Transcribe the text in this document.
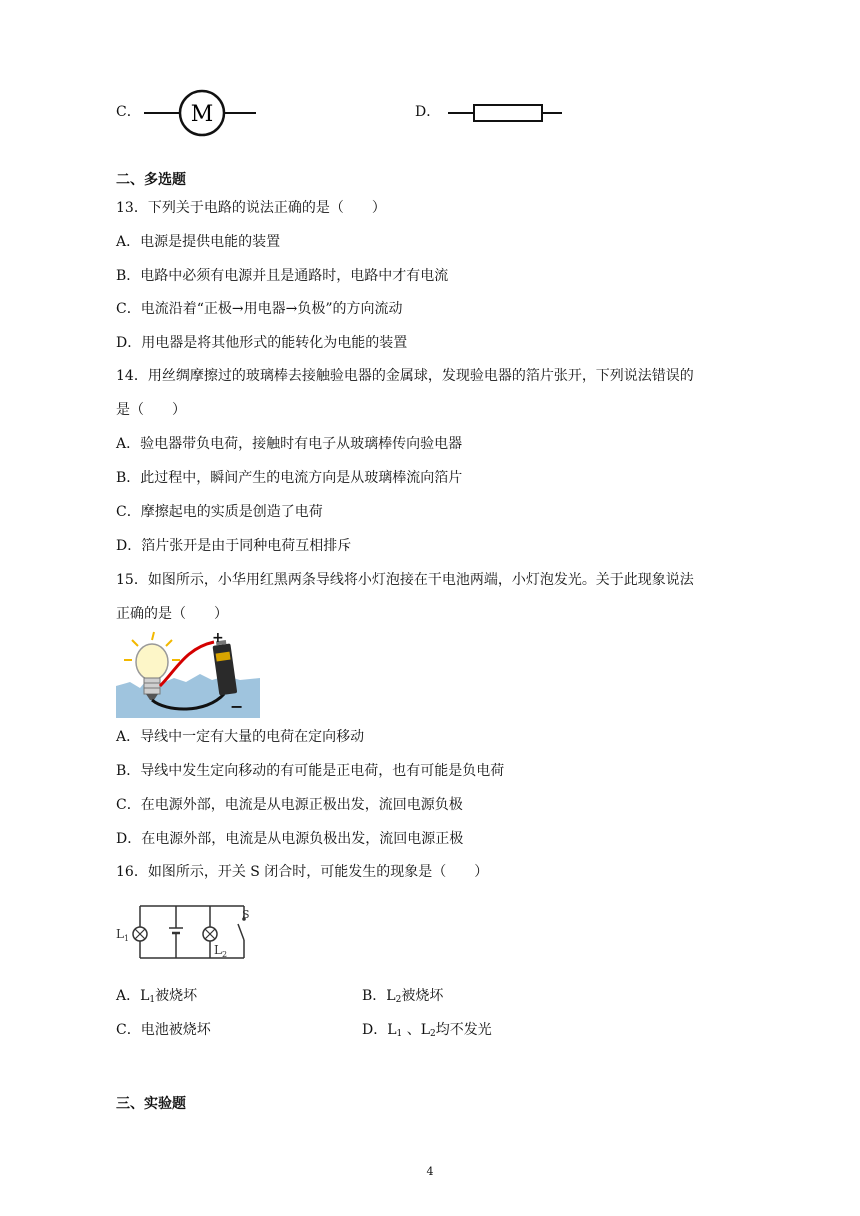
C． M	D．
二、多选题
13．下列关于电路的说法正确的是（　　）
A．电源是提供电能的装置
B．电路中必须有电源并且是通路时，电路中才有电流
C．电流沿着“正极→用电器→负极”的方向流动
D．用电器是将其他形式的能转化为电能的装置
14．用丝绸摩擦过的玻璃棒去接触验电器的金属球，发现验电器的箔片张开，下列说法错误的
是（　　）
A．验电器带负电荷，接触时有电子从玻璃棒传向验电器
B．此过程中，瞬间产生的电流方向是从玻璃棒流向箔片
C．摩擦起电的实质是创造了电荷
D．箔片张开是由于同种电荷互相排斥
15．如图所示，小华用红黑两条导线将小灯泡接在干电池两端，小灯泡发光。关于此现象说法
正确的是（　　）
+
−
A．导线中一定有大量的电荷在定向移动
B．导线中发生定向移动的有可能是正电荷，也有可能是负电荷
C．在电源外部，电流是从电源正极出发，流回电源负极
D．在电源外部，电流是从电源负极出发，流回电源正极
16．如图所示，开关 S 闭合时，可能发生的现象是（　　）
$L_1$
$L_2$
S
A．$L_1$被烧坏	B．$L_2$被烧坏
C．电池被烧坏	D．$L_1$ 、$L_2$均不发光
三、实验题
4
